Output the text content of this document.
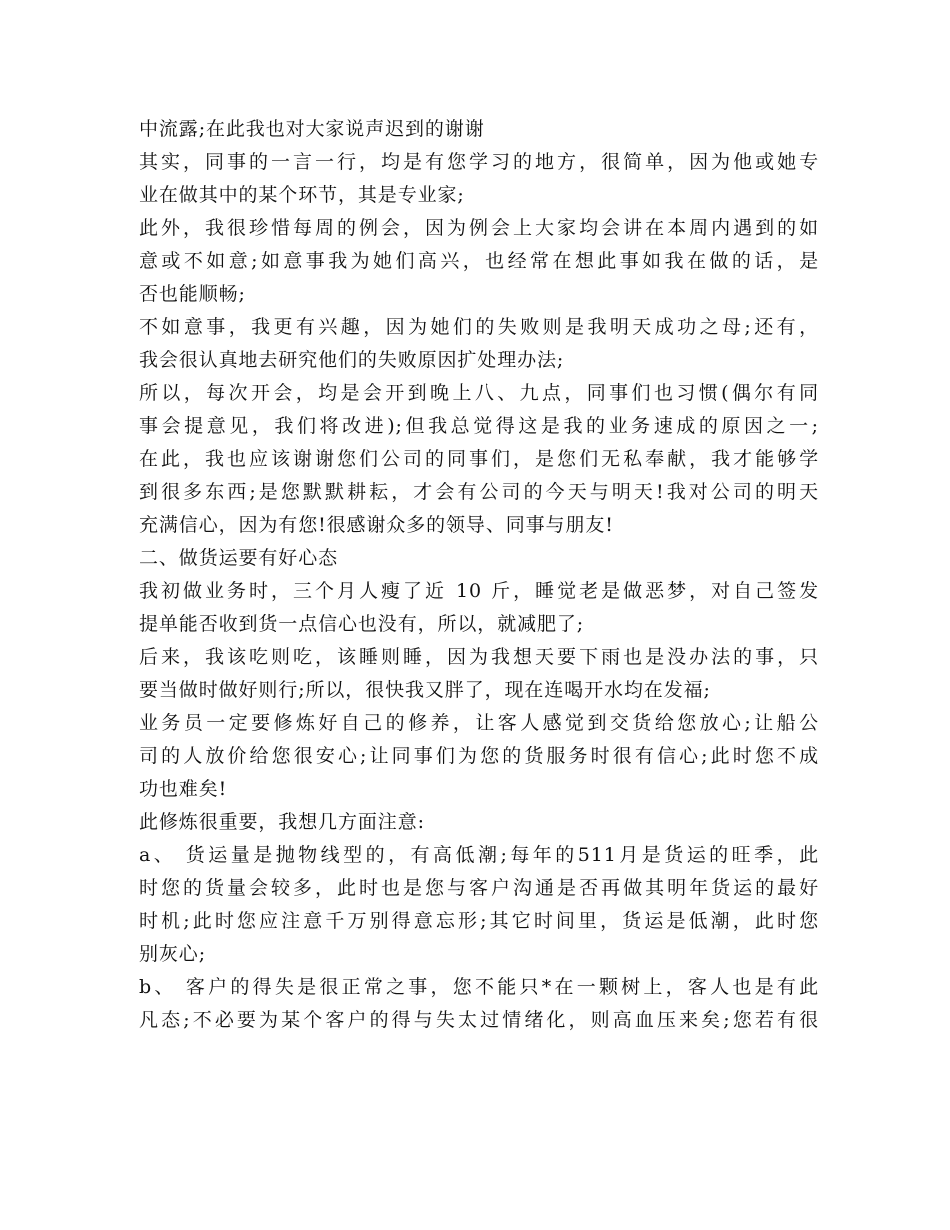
中流露;在此我也对大家说声迟到的谢谢
其实，同事的一言一行，均是有您学习的地方，很简单，因为他或她专
业在做其中的某个环节，其是专业家;
此外，我很珍惜每周的例会，因为例会上大家均会讲在本周内遇到的如
意或不如意;如意事我为她们高兴，也经常在想此事如我在做的话，是
否也能顺畅;
不如意事，我更有兴趣，因为她们的失败则是我明天成功之母;还有，
我会很认真地去研究他们的失败原因扩处理办法;
所以，每次开会，均是会开到晚上八、九点，同事们也习惯(偶尔有同
事会提意见，我们将改进);但我总觉得这是我的业务速成的原因之一;
在此，我也应该谢谢您们公司的同事们，是您们无私奉献，我才能够学
到很多东西;是您默默耕耘，才会有公司的今天与明天!我对公司的明天
充满信心，因为有您!很感谢众多的领导、同事与朋友!
二、做货运要有好心态
我初做业务时，三个月人瘦了近 10 斤，睡觉老是做恶梦，对自己签发
提单能否收到货一点信心也没有，所以，就减肥了;
后来，我该吃则吃，该睡则睡，因为我想天要下雨也是没办法的事，只
要当做时做好则行;所以，很快我又胖了，现在连喝开水均在发福;
业务员一定要修炼好自己的修养，让客人感觉到交货给您放心;让船公
司的人放价给您很安心;让同事们为您的货服务时很有信心;此时您不成
功也难矣!
此修炼很重要，我想几方面注意:
a、 货运量是抛物线型的，有高低潮;每年的511月是货运的旺季，此
时您的货量会较多，此时也是您与客户沟通是否再做其明年货运的最好
时机;此时您应注意千万别得意忘形;其它时间里，货运是低潮，此时您
别灰心;
b、 客户的得失是很正常之事，您不能只*在一颗树上，客人也是有此
凡态;不必要为某个客户的得与失太过情绪化，则高血压来矣;您若有很
